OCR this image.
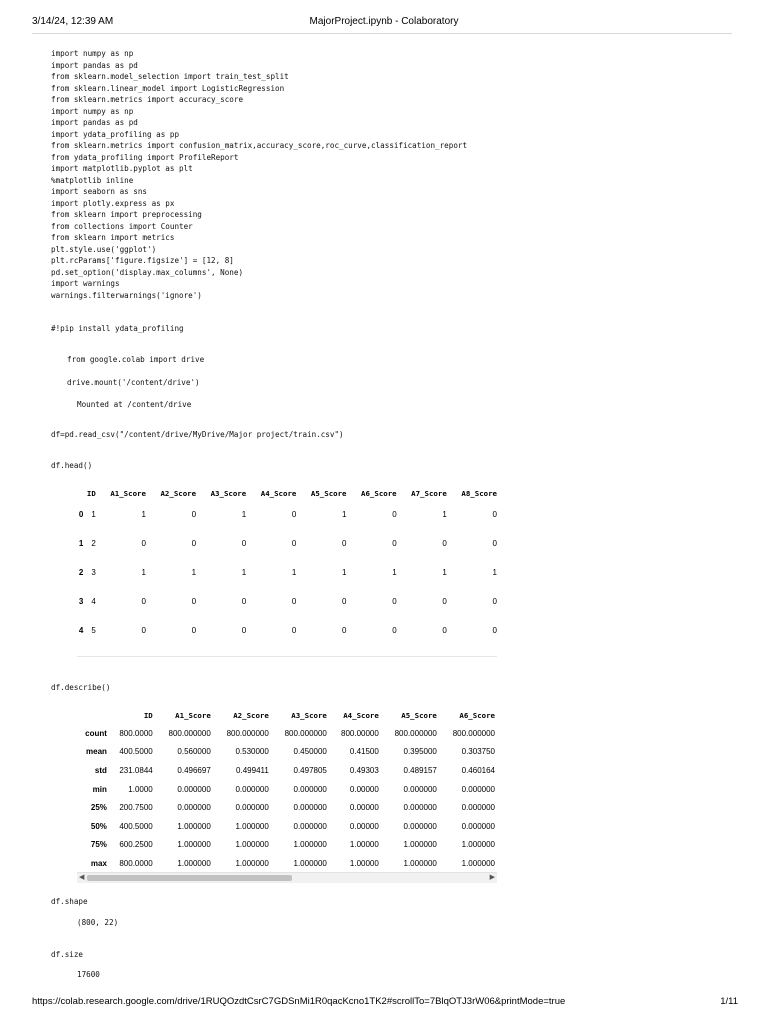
3/14/24, 12:39 AM	MajorProject.ipynb - Colaboratory
import numpy as np
import pandas as pd
from sklearn.model_selection import train_test_split
from sklearn.linear_model import LogisticRegression
from sklearn.metrics import accuracy_score
import numpy as np
import pandas as pd
import ydata_profiling as pp
from sklearn.metrics import confusion_matrix,accuracy_score,roc_curve,classification_report
from ydata_profiling import ProfileReport
import matplotlib.pyplot as plt
%matplotlib inline
import seaborn as sns
import plotly.express as px
from sklearn import preprocessing
from collections import Counter
from sklearn import metrics
plt.style.use('ggplot')
plt.rcParams['figure.figsize'] = [12, 8]
pd.set_option('display.max_columns', None)
import warnings
warnings.filterwarnings('ignore')
#!pip install ydata_profiling
from google.colab import drive
drive.mount('/content/drive')
Mounted at /content/drive
df=pd.read_csv("/content/drive/MyDrive/Major project/train.csv")
df.head()
	ID	A1_Score	A2_Score	A3_Score	A4_Score	A5_Score	A6_Score	A7_Score	A8_Score
0	1	1	0	1	0	1	0	1	0
1	2	0	0	0	0	0	0	0	0
2	3	1	1	1	1	1	1	1	1
3	4	0	0	0	0	0	0	0	0
4	5	0	0	0	0	0	0	0	0
df.describe()
	ID	A1_Score	A2_Score	A3_Score	A4_Score	A5_Score	A6_Score
count	800.0000	800.000000	800.000000	800.000000	800.00000	800.000000	800.000000
mean	400.5000	0.560000	0.530000	0.450000	0.41500	0.395000	0.303750
std	231.0844	0.496697	0.499411	0.497805	0.49303	0.489157	0.460164
min	1.0000	0.000000	0.000000	0.000000	0.00000	0.000000	0.000000
25%	200.7500	0.000000	0.000000	0.000000	0.00000	0.000000	0.000000
50%	400.5000	1.000000	1.000000	0.000000	0.00000	0.000000	0.000000
75%	600.2500	1.000000	1.000000	1.000000	1.00000	1.000000	1.000000
max	800.0000	1.000000	1.000000	1.000000	1.00000	1.000000	1.000000
◀	▶
df.shape
(800, 22)
df.size
17600
https://colab.research.google.com/drive/1RUQOzdtCsrC7GDSnMi1R0qacKcno1TK2#scrollTo=7BlqOTJ3rW06&printMode=true	1/11
